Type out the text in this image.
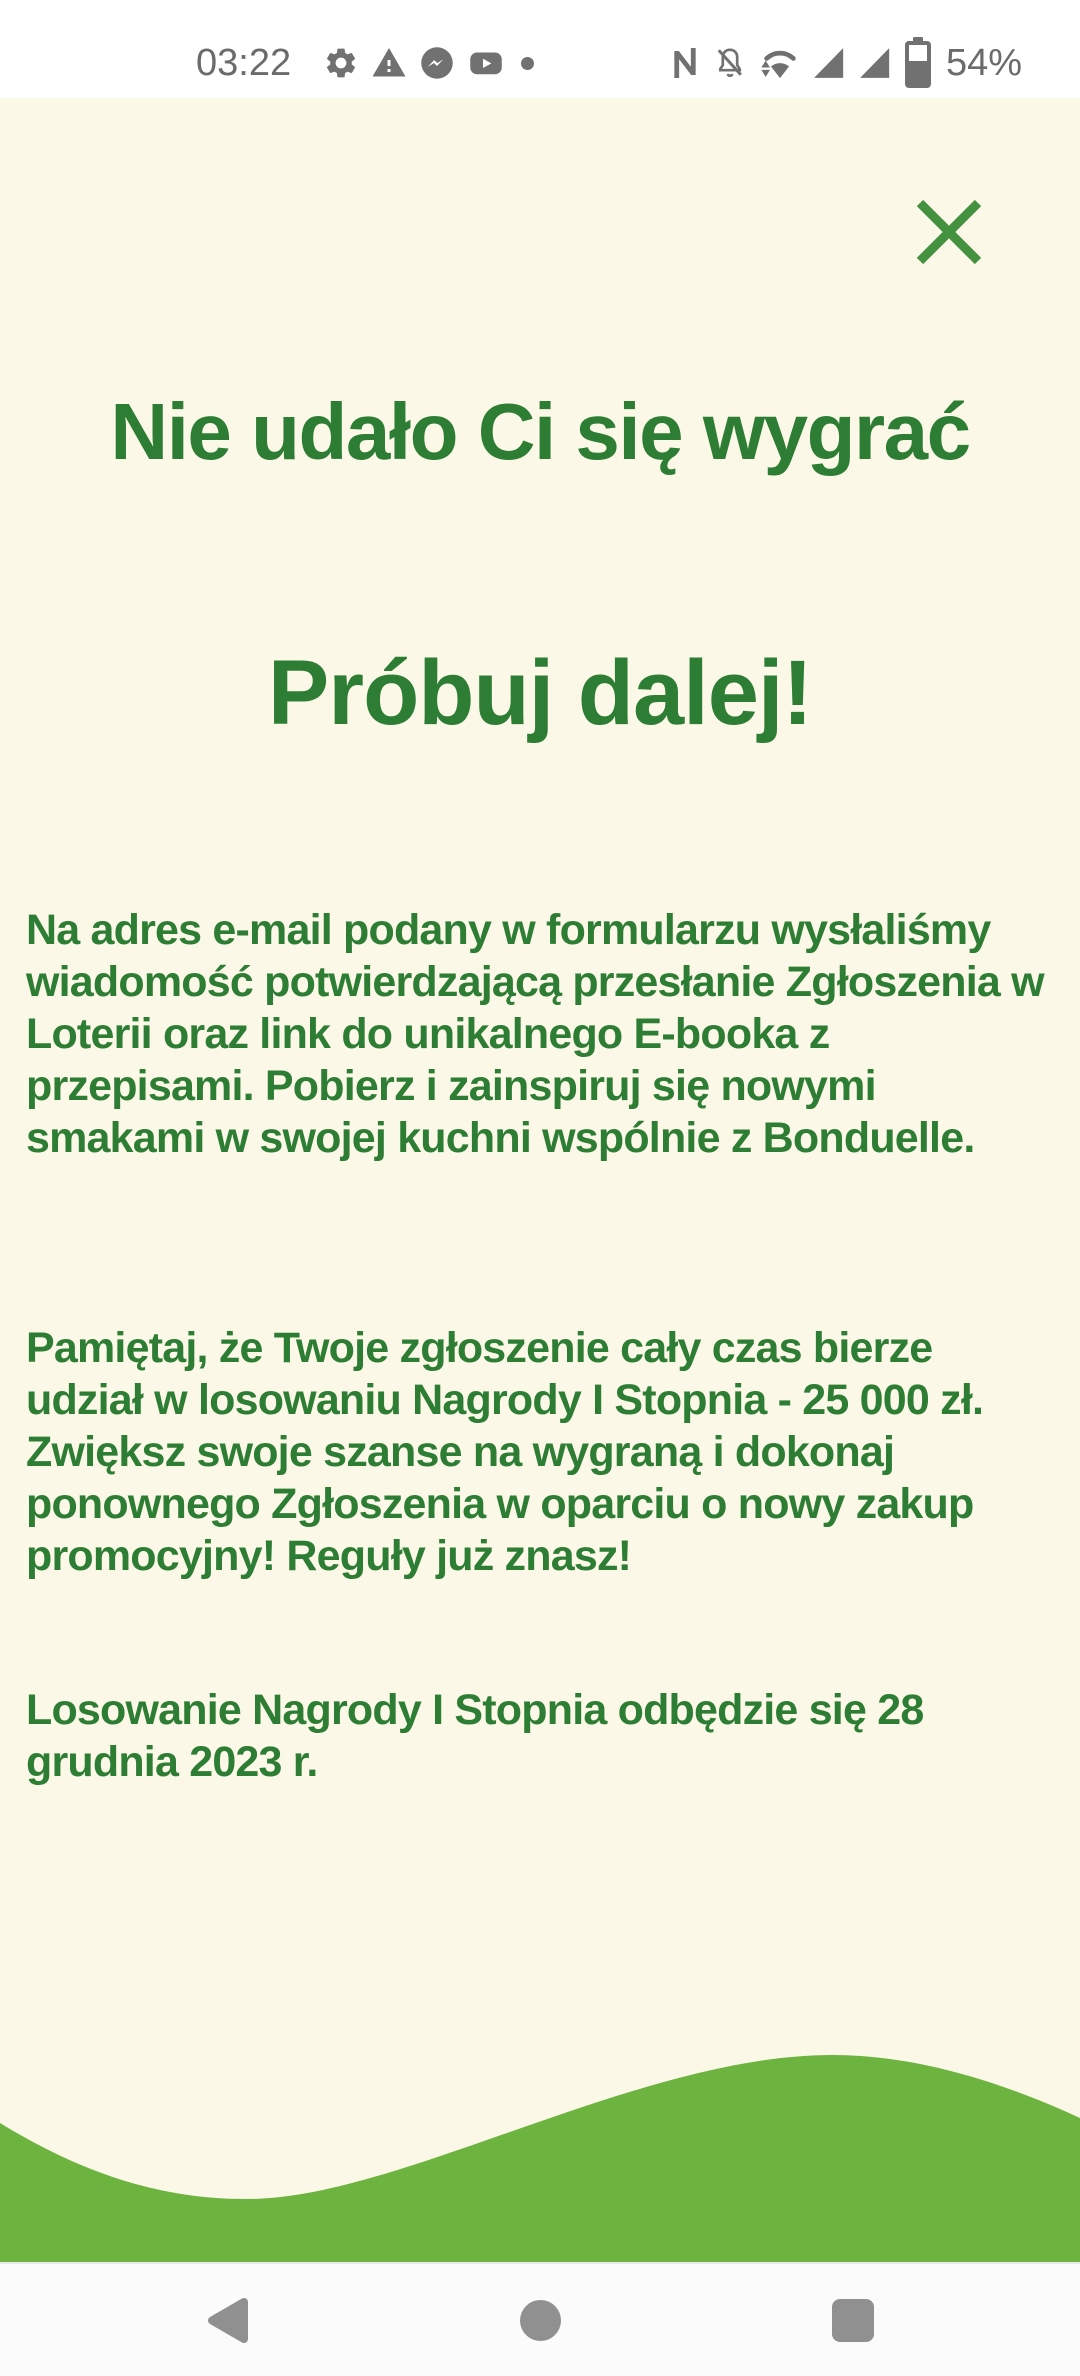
03:22	54%
Nie udało Ci się wygrać
Próbuj dalej!

Na adres e-mail podany w formularzu wysłaliśmy wiadomość potwierdzającą przesłanie Zgłoszenia w Loterii oraz link do unikalnego E-booka z przepisami. Pobierz i zainspiruj się nowymi smakami w swojej kuchni wspólnie z Bonduelle.

Pamiętaj, że Twoje zgłoszenie cały czas bierze udział w losowaniu Nagrody I Stopnia - 25 000 zł. Zwiększ swoje szanse na wygraną i dokonaj ponownego Zgłoszenia w oparciu o nowy zakup promocyjny! Reguły już znasz!

Losowanie Nagrody I Stopnia odbędzie się 28 grudnia 2023 r.
